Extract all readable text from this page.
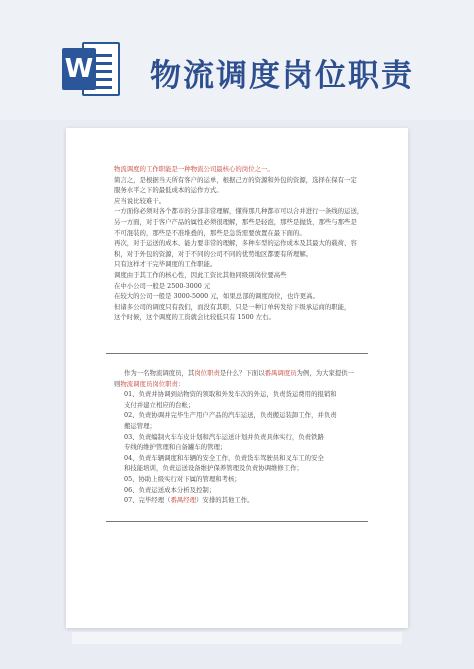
W 物流调度岗位职责

物流调度的工作职能是一种物流公司最核心的岗位之一。

简言之，是根据当天所有客户的运单，根据己方的资源和外包的资源，选择在保有一定

服务水平之下的最低成本的运作方式。

应当说比较难干。

一方面你必须对各个都市的分部非常理解，懂得那几种都市可以合并进行一条线的运送，

另一方面，对于客户产品的属性必须很理解，那些是轻泡，那些是抛货，那些与那些是

不可混装的，那些是不准堆叠的，那些是急货需要放置在最下面的。

再次，对于运送的成本、能力要非常的理解，多种车型的运作成本及其最大的载荷、容

积，对于外包的资源，对于不同的公司不同的优势地区都要有所理解。

只有这样才干完毕调度的工作职能。

调度由于其工作的核心性，因此工资比其他同级别岗位要高些

在中小公司一般是 2500-3000 元

在较大的公司一般是 3000-5000 元，如果总部的调度岗位，也许更高。

但诸多公司的调度只有我们，而没有其职，只是一种订单转发给下级承运商的职能，

这个时候，这个调度的工资就会比较低只有 1500 左右。

作为一名物流调度员，其岗位职责是什么？下面以番禺调度员为例，为大家提供一

则物流调度员岗位职责：

01、负责并协调到站物资的领取和外发车次的外运，负责货运费用的报销和

支付并建立相应的台帐；

02、负责协调并完毕生产用户产品的汽车运送，负责搬运装卸工作，并负责

搬运管理；

03、负责编制火车车皮计划和汽车运送计划并负责具体实行，负责铁路

专线的维护管理和自备罐车的管理；

04、负责车辆调度和车辆的安全工作，负责货车驾驶员和叉车工的安全

和技能培训，负责运送设备维护保养管理及负责协调维修工作；

05、协助上级实行对下属的管理和考核；

06、负责运送成本分析及控制；

07、完毕经理（番禺经理）安排的其他工作。
